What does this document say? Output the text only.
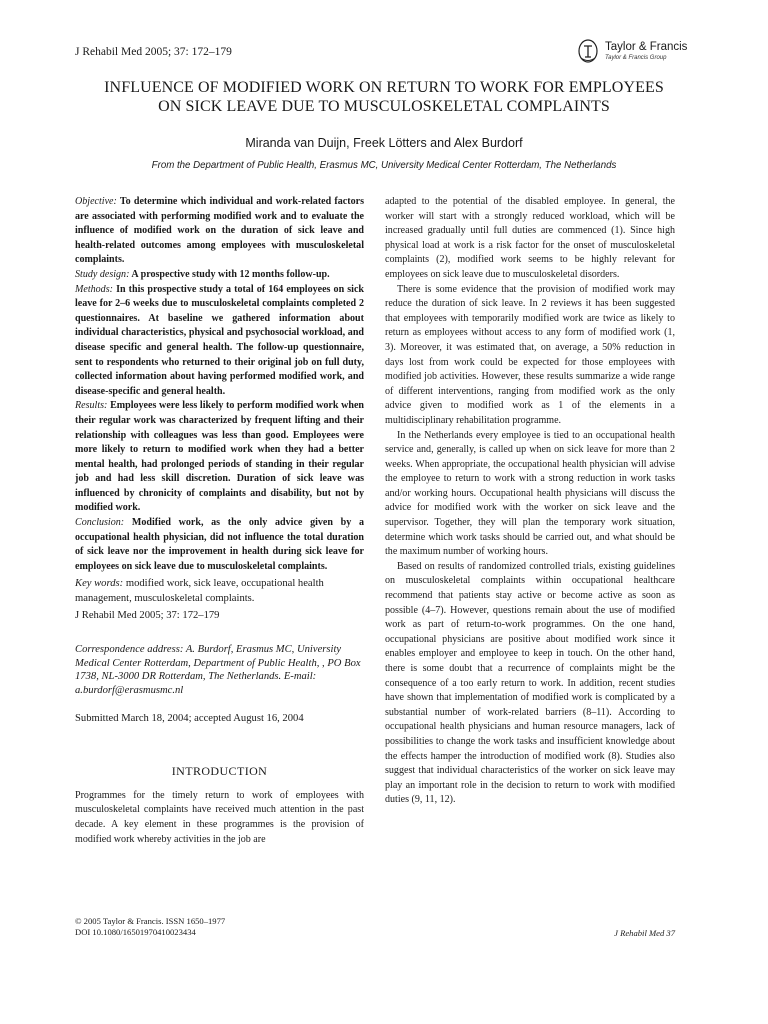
J Rehabil Med 2005; 37: 172–179	Taylor & Francis
Taylor & Francis Group
INFLUENCE OF MODIFIED WORK ON RETURN TO WORK FOR EMPLOYEES
ON SICK LEAVE DUE TO MUSCULOSKELETAL COMPLAINTS
Miranda van Duijn, Freek Lötters and Alex Burdorf
From the Department of Public Health, Erasmus MC, University Medical Center Rotterdam, The Netherlands

Objective: To determine which individual and work-related factors are associated with performing modified work and to evaluate the influence of modified work on the duration of sick leave and health-related outcomes among employees with musculoskeletal complaints.

Study design: A prospective study with 12 months follow-up.

Methods: In this prospective study a total of 164 employees on sick leave for 2–6 weeks due to musculoskeletal complaints completed 2 questionnaires. At baseline we gathered information about individual characteristics, physical and psychosocial workload, and disease specific and general health. The follow-up questionnaire, sent to respondents who returned to their original job on full duty, collected information about having performed modified work, and disease-specific and general health.

Results: Employees were less likely to perform modified work when their regular work was characterized by frequent lifting and their relationship with colleagues was less than good. Employees were more likely to return to modified work when they had a better mental health, had prolonged periods of standing in their regular job and had less skill discretion. Duration of sick leave was influenced by chronicity of complaints and disability, but not by modified work.

Conclusion: Modified work, as the only advice given by a occupational health physician, did not influence the total duration of sick leave nor the improvement in health during sick leave for employees on sick leave due to musculoskeletal complaints.

Key words: modified work, sick leave, occupational health management, musculoskeletal complaints.
J Rehabil Med 2005; 37: 172–179
Correspondence address: A. Burdorf, Erasmus MC, University Medical Center Rotterdam, Department of Public Health, , PO Box 1738, NL-3000 DR Rotterdam, The Netherlands. E-mail: a.burdorf@erasmusmc.nl
Submitted March 18, 2004; accepted August 16, 2004
INTRODUCTION

Programmes for the timely return to work of employees with musculoskeletal complaints have received much attention in the past decade. A key element in these programmes is the provision of modified work whereby activities in the job are

adapted to the potential of the disabled employee. In general, the worker will start with a strongly reduced workload, which will be increased gradually until full duties are commenced (1). Since high physical load at work is a risk factor for the onset of musculoskeletal complaints (2), modified work seems to be highly relevant for employees on sick leave due to musculoskeletal disorders.

There is some evidence that the provision of modified work may reduce the duration of sick leave. In 2 reviews it has been suggested that employees with temporarily modified work are twice as likely to return as employees without access to any form of modified work (1, 3). Moreover, it was estimated that, on average, a 50% reduction in days lost from work could be expected for those employees with modified job activities. However, these results summarize a wide range of different interventions, ranging from modified work as the only advice given to modified work as 1 of the elements in a multidisciplinary rehabilitation programme.

In the Netherlands every employee is tied to an occupational health service and, generally, is called up when on sick leave for more than 2 weeks. When appropriate, the occupational health physician will advise the employee to return to work with a strong reduction in work tasks and/or working hours. Occupational health physicians will discuss the advice for modified work with the worker on sick leave and the supervisor. Together, they will plan the temporary work situation, determine which work tasks should be carried out, and what should be the maximum number of working hours.

Based on results of randomized controlled trials, existing guidelines on musculoskeletal complaints within occupational healthcare recommend that patients stay active or become active as soon as possible (4–7). However, questions remain about the use of modified work as part of return-to-work programmes. On the one hand, occupational physicians are positive about modified work since it enables employer and employee to keep in touch. On the other hand, there is some doubt that a recurrence of complaints might be the consequence of a too early return to work. In addition, recent studies have shown that implementation of modified work is complicated by a substantial number of work-related barriers (8–11). According to occupational health physicians and human resource managers, lack of possibilities to change the work tasks and insufficient knowledge about the effects hamper the introduction of modified work (8). Studies also suggest that individual characteristics of the worker on sick leave may play an important role in the decision to return to work with modified duties (9, 11, 12).

© 2005 Taylor & Francis. ISSN 1650–1977
DOI 10.1080/16501970410023434	J Rehabil Med 37
